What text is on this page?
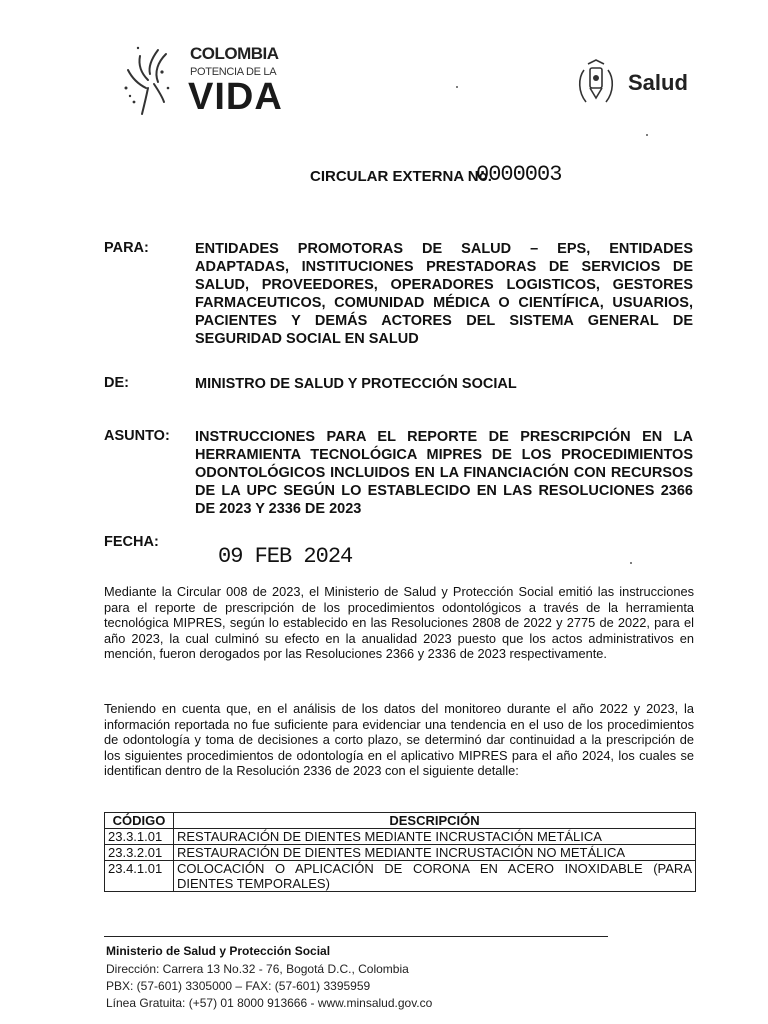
COLOMBIA
POTENCIA DE LA
VIDA	Salud
CIRCULAR EXTERNA No.
0000003
PARA:	ENTIDADES PROMOTORAS DE SALUD – EPS, ENTIDADES ADAPTADAS, INSTITUCIONES PRESTADORAS DE SERVICIOS DE SALUD, PROVEEDORES, OPERADORES LOGISTICOS, GESTORES FARMACEUTICOS, COMUNIDAD MÉDICA O CIENTÍFICA, USUARIOS, PACIENTES Y DEMÁS ACTORES DEL SISTEMA GENERAL DE SEGURIDAD SOCIAL EN SALUD
DE:	MINISTRO DE SALUD Y PROTECCIÓN SOCIAL
ASUNTO: INSTRUCCIONES PARA EL REPORTE DE PRESCRIPCIÓN EN LA HERRAMIENTA TECNOLÓGICA MIPRES DE LOS PROCEDIMIENTOS ODONTOLÓGICOS INCLUIDOS EN LA FINANCIACIÓN CON RECURSOS DE LA UPC SEGÚN LO ESTABLECIDO EN LAS RESOLUCIONES 2366 DE 2023 Y 2336 DE 2023
FECHA:
09 FEB 2024
Mediante la Circular 008 de 2023, el Ministerio de Salud y Protección Social emitió las instrucciones para el reporte de prescripción de los procedimientos odontológicos a través de la herramienta tecnológica MIPRES, según lo establecido en las Resoluciones 2808 de 2022 y 2775 de 2022, para el año 2023, la cual culminó su efecto en la anualidad 2023 puesto que los actos administrativos en mención, fueron derogados por las Resoluciones 2366 y 2336 de 2023 respectivamente.
Teniendo en cuenta que, en el análisis de los datos del monitoreo durante el año 2022 y 2023, la información reportada no fue suficiente para evidenciar una tendencia en el uso de los procedimientos de odontología y toma de decisiones a corto plazo, se determinó dar continuidad a la prescripción de los siguientes procedimientos de odontología en el aplicativo MIPRES para el año 2024, los cuales se identifican dentro de la Resolución 2336 de 2023 con el siguiente detalle:
CÓDIGO	DESCRIPCIÓN
23.3.1.01	RESTAURACIÓN DE DIENTES MEDIANTE INCRUSTACIÓN METÁLICA
23.3.2.01	RESTAURACIÓN DE DIENTES MEDIANTE INCRUSTACIÓN NO METÁLICA
23.4.1.01	COLOCACIÓN O APLICACIÓN DE CORONA EN ACERO INOXIDABLE (PARA DIENTES TEMPORALES)
Ministerio de Salud y Protección Social
Dirección: Carrera 13 No.32 - 76, Bogotá D.C., Colombia
PBX: (57-601) 3305000 – FAX: (57-601) 3395959
Línea Gratuita: (+57) 01 8000 913666 - www.minsalud.gov.co
